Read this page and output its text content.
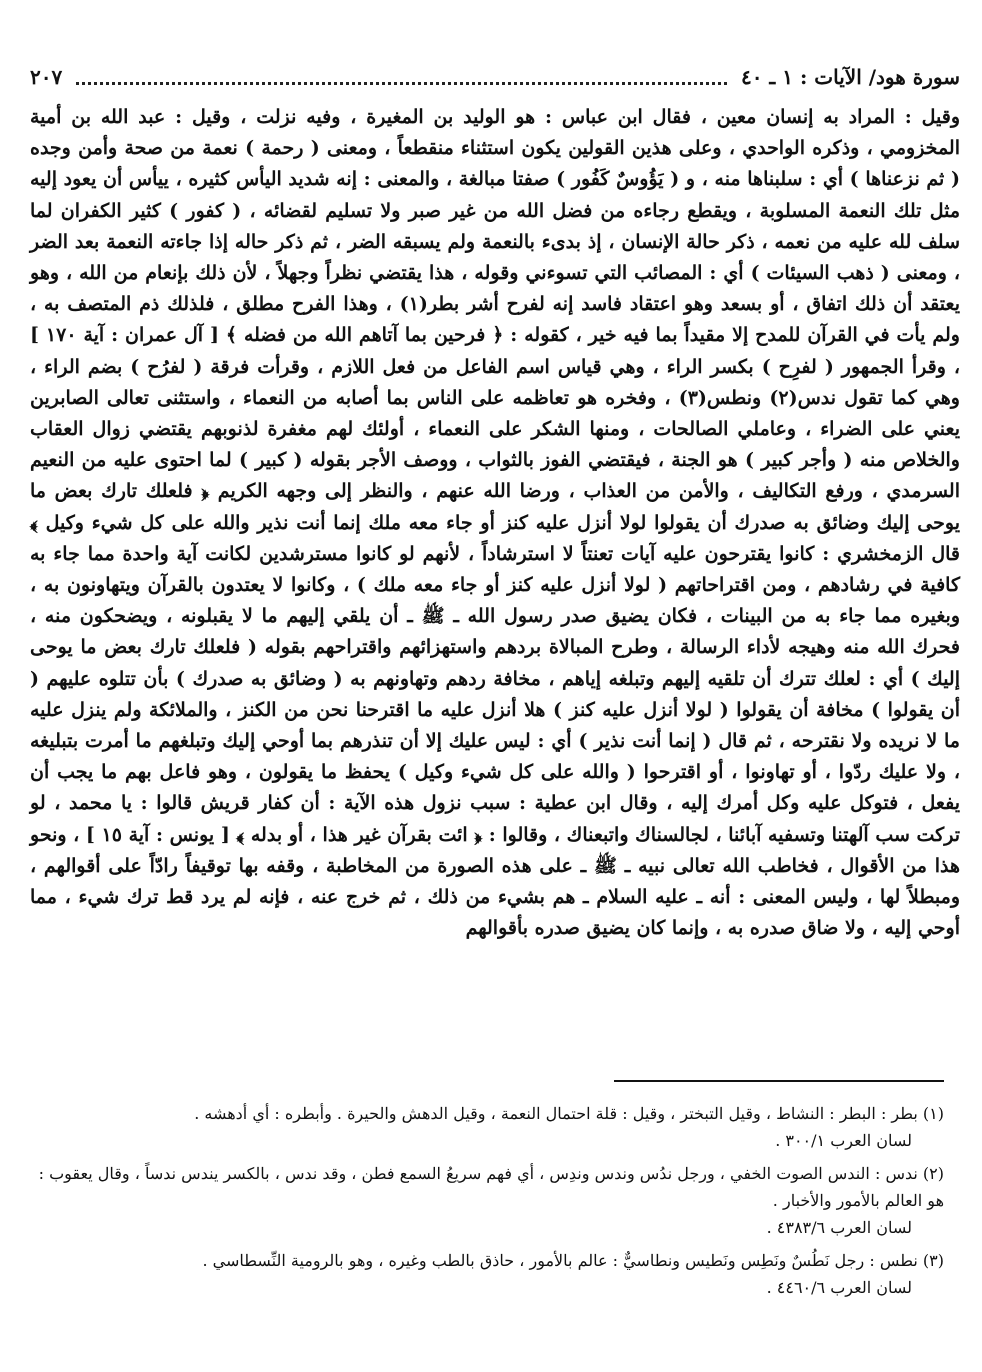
سورة هود/ الآيات : ١ ـ ٤٠
٢٠٧

وقيل : المراد به إنسان معين ، فقال ابن عباس : هو الوليد بن المغيرة ، وفيه نزلت ، وقيل : عبد الله بن أمية المخزومي ، وذكره الواحدي ، وعلى هذين القولين يكون استثناء منقطعاً ، ومعنى ( رحمة ) نعمة من صحة وأمن وجده ( ثم نزعناها ) أي : سلبناها منه ، و ( يَؤُوسٌ كَفُور ) صفتا مبالغة ، والمعنى : إنه شديد اليأس كثيره ، ييأس أن يعود إليه مثل تلك النعمة المسلوبة ، ويقطع رجاءه من فضل الله من غير صبر ولا تسليم لقضائه ، ( كفور ) كثير الكفران لما سلف لله عليه من نعمه ، ذكر حالة الإنسان ، إذ بدىء بالنعمة ولم يسبقه الضر ، ثم ذكر حاله إذا جاءته النعمة بعد الضر ، ومعنى ( ذهب السيئات ) أي : المصائب التي تسوءني وقوله ، هذا يقتضي نظراً وجهلاً ، لأن ذلك بإنعام من الله ، وهو يعتقد أن ذلك اتفاق ، أو بسعد وهو اعتقاد فاسد إنه لفرح أشر بطر(١) ، وهذا الفرح مطلق ، فلذلك ذم المتصف به ، ولم يأت في القرآن للمدح إلا مقيداً بما فيه خير ، كقوله : ﴿ فرحين بما آتاهم الله من فضله ﴾ [ آل عمران : آية ١٧٠ ] ، وقرأ الجمهور ( لفرِح ) بكسر الراء ، وهي قياس اسم الفاعل من فعل اللازم ، وقرأت فرقة ( لفرُح ) بضم الراء ، وهي كما تقول ندس(٢) ونطس(٣) ، وفخره هو تعاظمه على الناس بما أصابه من النعماء ، واستثنى تعالى الصابرين يعني على الضراء ، وعاملي الصالحات ، ومنها الشكر على النعماء ، أولئك لهم مغفرة لذنوبهم يقتضي زوال العقاب والخلاص منه ( وأجر كبير ) هو الجنة ، فيقتضي الفوز بالثواب ، ووصف الأجر بقوله ( كبير ) لما احتوى عليه من النعيم السرمدي ، ورفع التكاليف ، والأمن من العذاب ، ورضا الله عنهم ، والنظر إلى وجهه الكريم ﴿ فلعلك تارك بعض ما يوحى إليك وضائق به صدرك أن يقولوا لولا أنزل عليه كنز أو جاء معه ملك إنما أنت نذير والله على كل شيء وكيل ﴾ قال الزمخشري : كانوا يقترحون عليه آيات تعنتاً لا استرشاداً ، لأنهم لو كانوا مسترشدين لكانت آية واحدة مما جاء به كافية في رشادهم ، ومن اقتراحاتهم ( لولا أنزل عليه كنز أو جاء معه ملك ) ، وكانوا لا يعتدون بالقرآن ويتهاونون به ، وبغيره مما جاء به من البينات ، فكان يضيق صدر رسول الله ـ ﷺ ـ أن يلقي إليهم ما لا يقبلونه ، ويضحكون منه ، فحرك الله منه وهيجه لأداء الرسالة ، وطرح المبالاة بردهم واستهزائهم واقتراحهم بقوله ( فلعلك تارك بعض ما يوحى إليك ) أي : لعلك تترك أن تلقيه إليهم وتبلغه إياهم ، مخافة ردهم وتهاونهم به ( وضائق به صدرك ) بأن تتلوه عليهم ( أن يقولوا ) مخافة أن يقولوا ( لولا أنزل عليه كنز ) هلا أنزل عليه ما اقترحنا نحن من الكنز ، والملائكة ولم ينزل عليه ما لا نريده ولا نقترحه ، ثم قال ( إنما أنت نذير ) أي : ليس عليك إلا أن تنذرهم بما أوحي إليك وتبلغهم ما أمرت بتبليغه ، ولا عليك ردّوا ، أو تهاونوا ، أو اقترحوا ( والله على كل شيء وكيل ) يحفظ ما يقولون ، وهو فاعل بهم ما يجب أن يفعل ، فتوكل عليه وكل أمرك إليه ، وقال ابن عطية : سبب نزول هذه الآية : أن كفار قريش قالوا : يا محمد ، لو تركت سب آلهتنا وتسفيه آبائنا ، لجالسناك واتبعناك ، وقالوا : ﴿ ائت بقرآن غير هذا ، أو بدله ﴾ [ يونس : آية ١٥ ] ، ونحو هذا من الأقوال ، فخاطب الله تعالى نبيه ـ ﷺ ـ على هذه الصورة من المخاطبة ، وقفه بها توقيفاً رادّاً على أقوالهم ، ومبطلاً لها ، وليس المعنى : أنه ـ عليه السلام ـ هم بشيء من ذلك ، ثم خرج عنه ، فإنه لم يرد قط ترك شيء ، مما أوحي إليه ، ولا ضاق صدره به ، وإنما كان يضيق صدره بأقوالهم

(١) بطر : البطر : النشاط ، وقيل التبختر ، وقيل : قلة احتمال النعمة ، وقيل الدهش والحيرة . وأبطره : أي أدهشه .
لسان العرب ٣٠٠/١ .
(٢) ندس : الندس الصوت الخفي ، ورجل ندُس وندس وندِس ، أي فهم سريعُ السمع فطن ، وقد ندس ، بالكسر يندس ندساً ، وقال يعقوب : هو العالم بالأمور والأخبار .
لسان العرب ٤٣٨٣/٦ .
(٣) نطس : رجل نَطُسٌ ونَطِس ونَطيس ونطاسيٌّ : عالم بالأمور ، حاذق بالطب وغيره ، وهو بالرومية النِّسطاسي .
لسان العرب ٤٤٦٠/٦ .
